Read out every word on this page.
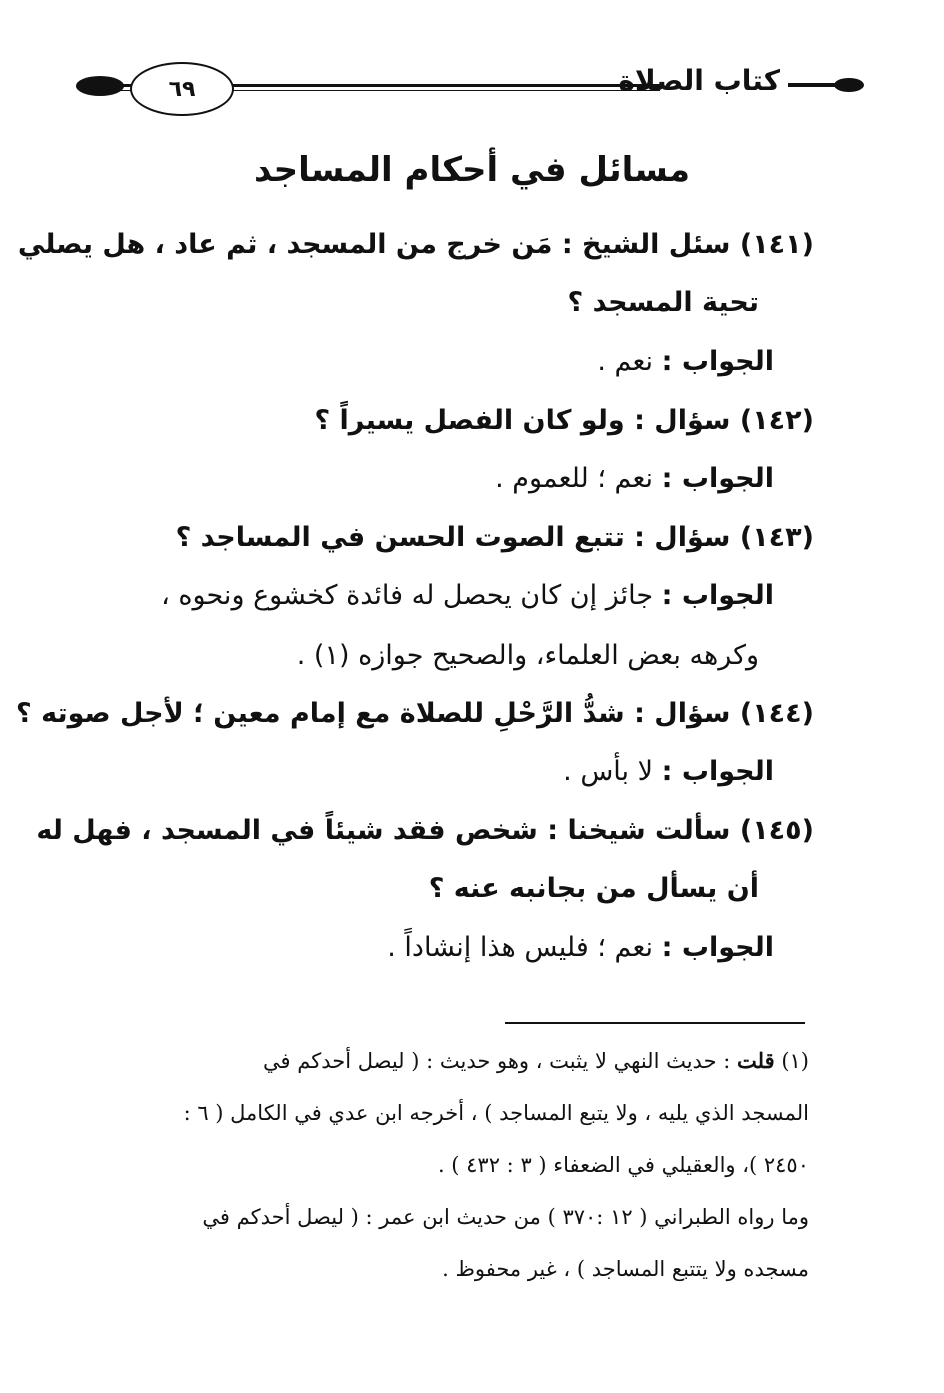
٦٩	كتاب الصلاة
مسائل في أحكام المساجد
(١٤١) سئل الشيخ : مَن خرج من المسجد ، ثم عاد ، هل يصلي
تحية المسجد ؟
الجواب : نعم .
(١٤٢) سؤال : ولو كان الفصل يسيراً ؟
الجواب : نعم ؛ للعموم .
(١٤٣) سؤال : تتبع الصوت الحسن في المساجد ؟
الجواب : جائز إن كان يحصل له فائدة كخشوع ونحوه ،
وكرهه بعض العلماء، والصحيح جوازه (١) .
(١٤٤) سؤال : شدُّ الرَّحْلِ للصلاة مع إمام معين ؛ لأجل صوته ؟
الجواب : لا بأس .
(١٤٥) سألت شيخنا : شخص فقد شيئاً في المسجد ، فهل له
أن يسأل من بجانبه عنه ؟
الجواب : نعم ؛ فليس هذا إنشاداً .
(١) قلت : حديث النهي لا يثبت ، وهو حديث : ( ليصل أحدكم في
المسجد الذي يليه ، ولا يتبع المساجد ) ، أخرجه ابن عدي في الكامل ( ٦ :
٢٤٥٠ )، والعقيلي في الضعفاء ( ٣ : ٤٣٢ ) .
وما رواه الطبراني ( ١٢ :٣٧٠ ) من حديث ابن عمر : ( ليصل أحدكم في
مسجده ولا يتتبع المساجد ) ، غير محفوظ .
